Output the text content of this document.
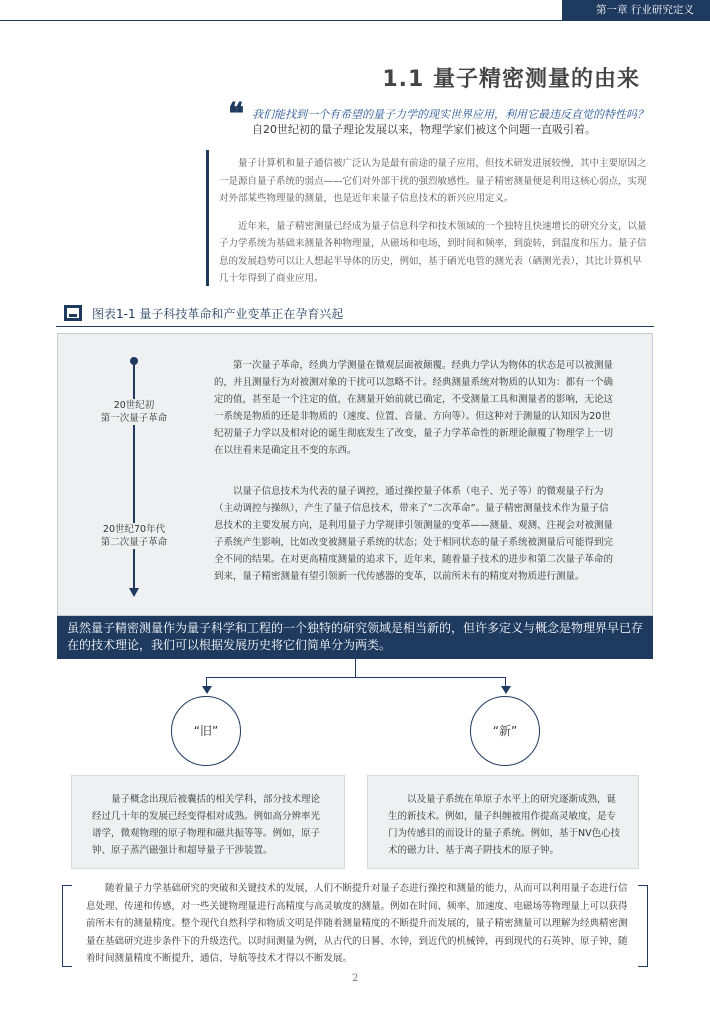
第一章 行业研究定义
1.1 量子精密测量的由来
❝ 我们能找到一个有希望的量子力学的现实世界应用，利用它最违反直觉的特性吗？
自20世纪初的量子理论发展以来，物理学家们被这个问题一直吸引着。

量子计算机和量子通信被广泛认为是最有前途的量子应用，但技术研发进展较慢，其中主要原因之一是源自量子系统的弱点——它们对外部干扰的强烈敏感性。量子精密测量便是利用这核心弱点，实现对外部某些物理量的测量，也是近年来量子信息技术的新兴应用定义。

近年来，量子精密测量已经成为量子信息科学和技术领域的一个独特且快速增长的研究分支，以量子力学系统为基础来测量各种物理量，从磁场和电场，到时间和频率，到旋转，到温度和压力。量子信息的发展趋势可以让人想起半导体的历史，例如，基于硒光电管的测光表（硒测光表），其比计算机早几十年得到了商业应用。

图表1-1 量子科技革命和产业变革正在孕育兴起
20世纪初
第一次量子革命

第一次量子革命，经典力学测量在微观层面被颠覆。经典力学认为物体的状态是可以被测量的，并且测量行为对被测对象的干扰可以忽略不计。经典测量系统对物质的认知为：都有一个确定的值，甚至是一个注定的值，在测量开始前就已确定，不受测量工具和测量者的影响，无论这一系统是物质的还是非物质的（速度、位置、音量、方向等）。但这种对于测量的认知因为20世纪初量子力学以及相对论的诞生彻底发生了改变，量子力学革命性的新理论颠覆了物理学上一切在以往看来是确定且不变的东西。

20世纪70年代
第二次量子革命

以量子信息技术为代表的量子调控，通过操控量子体系（电子、光子等）的微观量子行为（主动调控与操纵），产生了量子信息技术，带来了“二次革命”。量子精密测量技术作为量子信息技术的主要发展方向，是利用量子力学规律引领测量的变革——测量、观测、注视会对被测量子系统产生影响，比如改变被测量子系统的状态；处于相同状态的量子系统被测量后可能得到完全不同的结果。在对更高精度测量的追求下，近年来，随着量子技术的进步和第二次量子革命的到来，量子精密测量有望引领新一代传感器的变革，以前所未有的精度对物质进行测量。

虽然量子精密测量作为量子科学和工程的一个独特的研究领域是相当新的，但许多定义与概念是物理界早已存在的技术理论，我们可以根据发展历史将它们简单分为两类。
“旧”	“新”

量子概念出现后被囊括的相关学科，部分技术理论经过几十年的发展已经变得相对成熟。例如高分辨率光谱学，微观物理的原子物理和磁共振等等。例如，原子钟、原子蒸汽磁强计和超导量子干涉装置。

以及量子系统在单原子水平上的研究逐渐成熟，诞生的新技术。例如，量子纠缠被用作提高灵敏度，是专门为传感目的而设计的量子系统。例如，基于NV色心技术的磁力计、基于离子阱技术的原子钟。

随着量子力学基础研究的突破和关键技术的发展，人们不断提升对量子态进行操控和测量的能力，从而可以利用量子态进行信息处理、传递和传感，对一些关键物理量进行高精度与高灵敏度的测量。例如在时间、频率、加速度、电磁场等物理量上可以获得前所未有的测量精度。整个现代自然科学和物质文明是伴随着测量精度的不断提升而发展的，量子精密测量可以理解为经典精密测量在基础研究进步条件下的升级迭代。以时间测量为例，从古代的日晷、水钟，到近代的机械钟，再到现代的石英钟、原子钟，随着时间测量精度不断提升，通信、导航等技术才得以不断发展。

2
